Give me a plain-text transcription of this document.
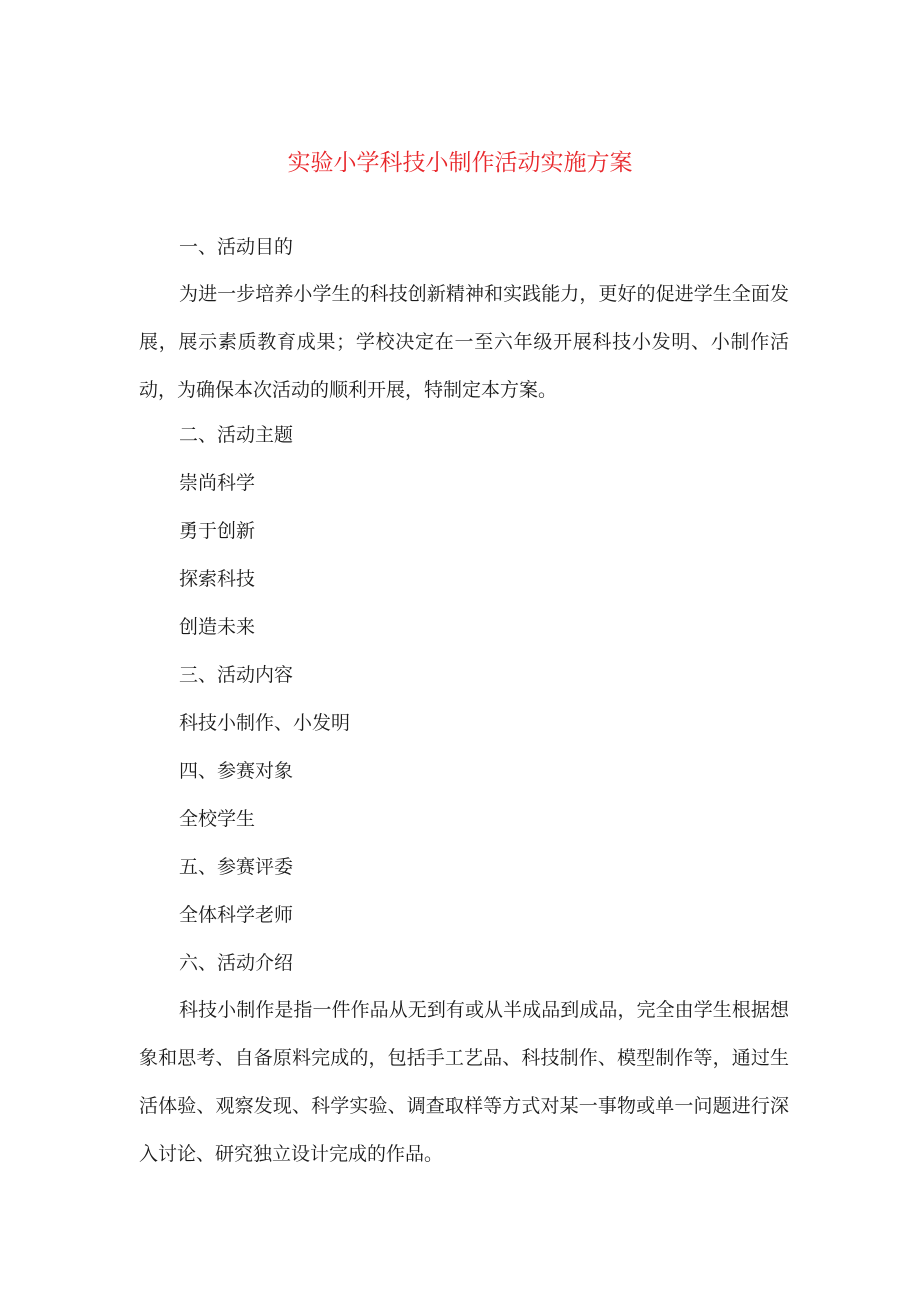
实验小学科技小制作活动实施方案
一、活动目的
为进一步培养小学生的科技创新精神和实践能力，更好的促进学生全面发展，展示素质教育成果；学校决定在一至六年级开展科技小发明、小制作活动，为确保本次活动的顺利开展，特制定本方案。
二、活动主题
崇尚科学
勇于创新
探索科技
创造未来
三、活动内容
科技小制作、小发明
四、参赛对象
全校学生
五、参赛评委
全体科学老师
六、活动介绍
科技小制作是指一件作品从无到有或从半成品到成品，完全由学生根据想象和思考、自备原料完成的，包括手工艺品、科技制作、模型制作等，通过生活体验、观察发现、科学实验、调查取样等方式对某一事物或单一问题进行深入讨论、研究独立设计完成的作品。
